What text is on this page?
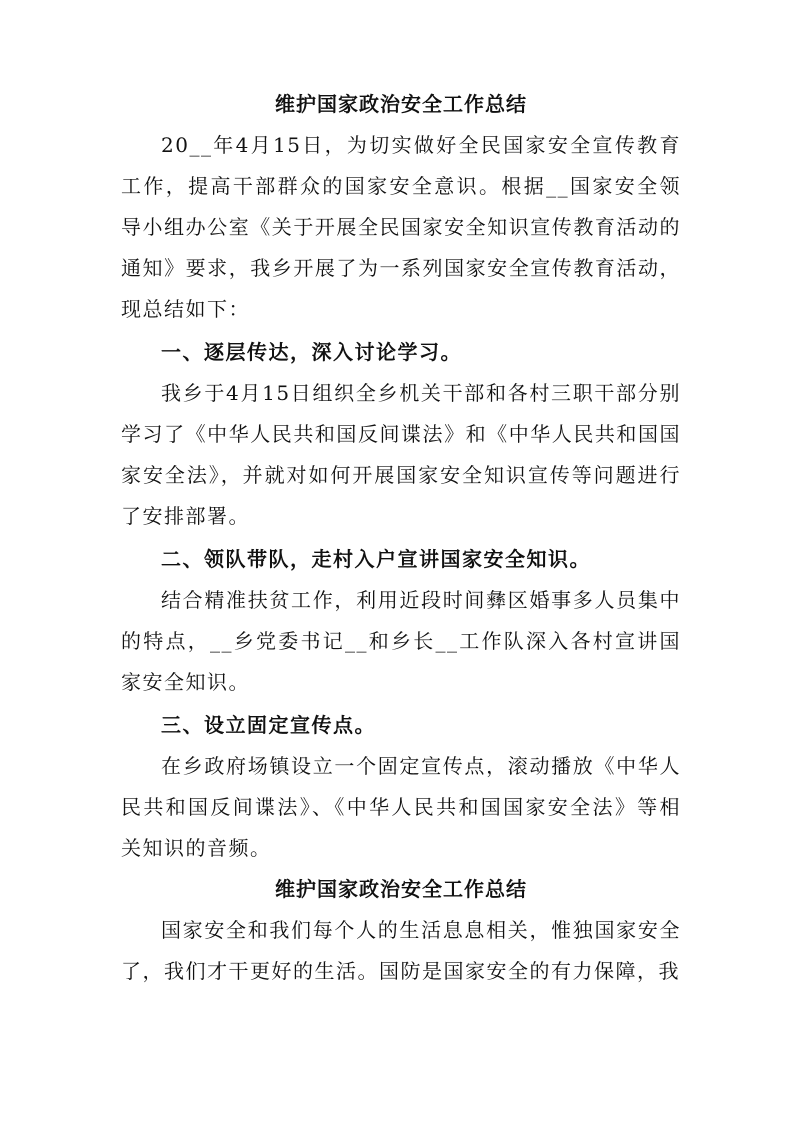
维护国家政治安全工作总结

20__年4月15日，为切实做好全民国家安全宣传教育工作，提高干部群众的国家安全意识。根据__国家安全领导小组办公室《关于开展全民国家安全知识宣传教育活动的通知》要求，我乡开展了为一系列国家安全宣传教育活动，现总结如下：

一、逐层传达，深入讨论学习。

我乡于4月15日组织全乡机关干部和各村三职干部分别学习了《中华人民共和国反间谍法》和《中华人民共和国国家安全法》，并就对如何开展国家安全知识宣传等问题进行了安排部署。

二、领队带队，走村入户宣讲国家安全知识。

结合精准扶贫工作，利用近段时间彝区婚事多人员集中的特点，__乡党委书记__和乡长__工作队深入各村宣讲国家安全知识。

三、设立固定宣传点。

在乡政府场镇设立一个固定宣传点，滚动播放《中华人民共和国反间谍法》、《中华人民共和国国家安全法》等相关知识的音频。

维护国家政治安全工作总结

国家安全和我们每个人的生活息息相关，惟独国家安全了，我们才干更好的生活。国防是国家安全的有力保障，我
